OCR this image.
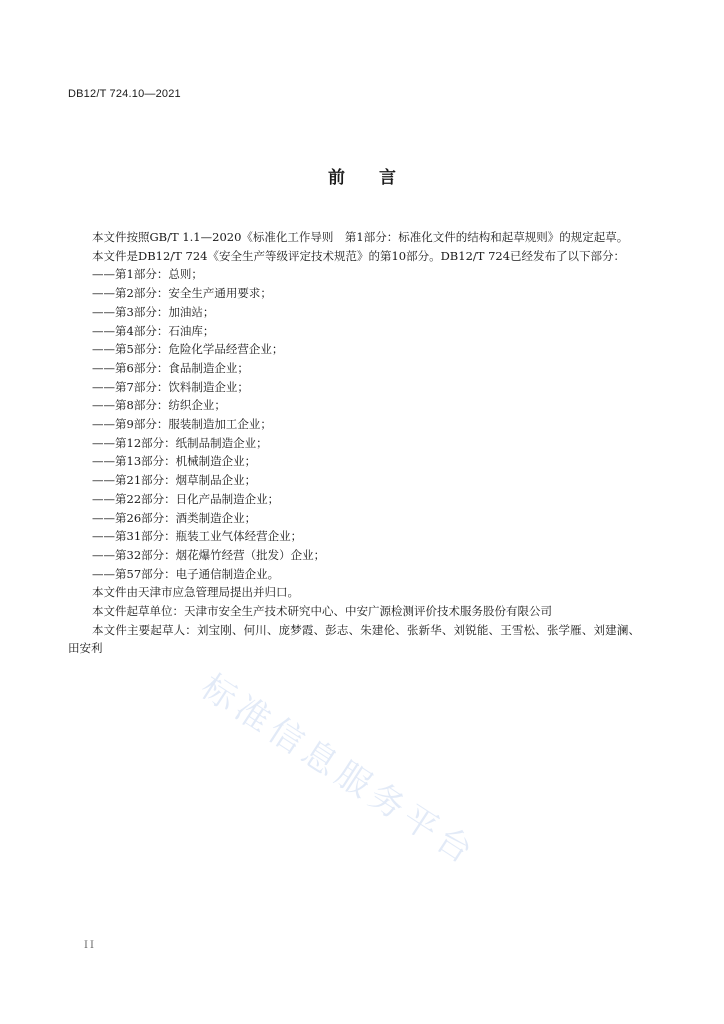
DB12/T 724.10—2021
前 言

本文件按照GB/T 1.1—2020《标准化工作导则　第1部分：标准化文件的结构和起草规则》的规定起草。

本文件是DB12/T 724《安全生产等级评定技术规范》的第10部分。DB12/T 724已经发布了以下部分：

——第1部分：总则；

——第2部分：安全生产通用要求；

——第3部分：加油站；

——第4部分：石油库；

——第5部分：危险化学品经营企业；

——第6部分：食品制造企业；

——第7部分：饮料制造企业；

——第8部分：纺织企业；

——第9部分：服装制造加工企业；

——第12部分：纸制品制造企业；

——第13部分：机械制造企业；

——第21部分：烟草制品企业；

——第22部分：日化产品制造企业；

——第26部分：酒类制造企业；

——第31部分：瓶装工业气体经营企业；

——第32部分：烟花爆竹经营（批发）企业；

——第57部分：电子通信制造企业。

本文件由天津市应急管理局提出并归口。

本文件起草单位：天津市安全生产技术研究中心、中安广源检测评价技术服务股份有限公司

本文件主要起草人：刘宝刚、何川、庞梦霞、彭志、朱建伦、张新华、刘锐能、王雪松、张学雁、刘建澜、田安利

标准信息服务平台
II
